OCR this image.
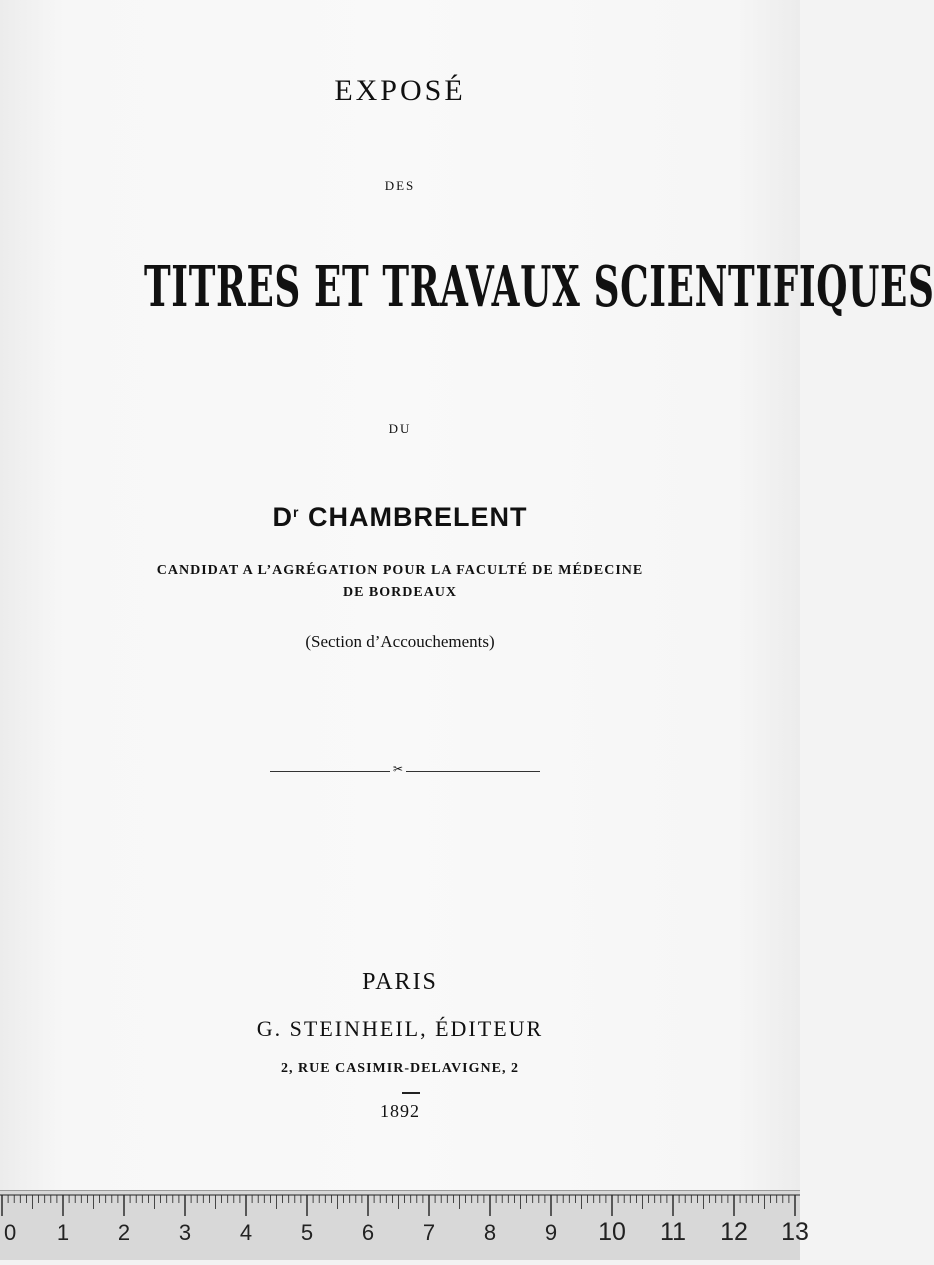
EXPOSÉ
DES
TITRES ET TRAVAUX SCIENTIFIQUES
DU
$D^r$ CHAMBRELENT
CANDIDAT A L’AGRÉGATION POUR LA FACULTÉ DE MÉDECINE
DE BORDEAUX
(Section d’Accouchements)
✂
PARIS
G. STEINHEIL, ÉDITEUR
2, RUE CASIMIR-DELAVIGNE, 2
1892
0 1 2 3 4 5 6 7 8 9 10 11 12 13
